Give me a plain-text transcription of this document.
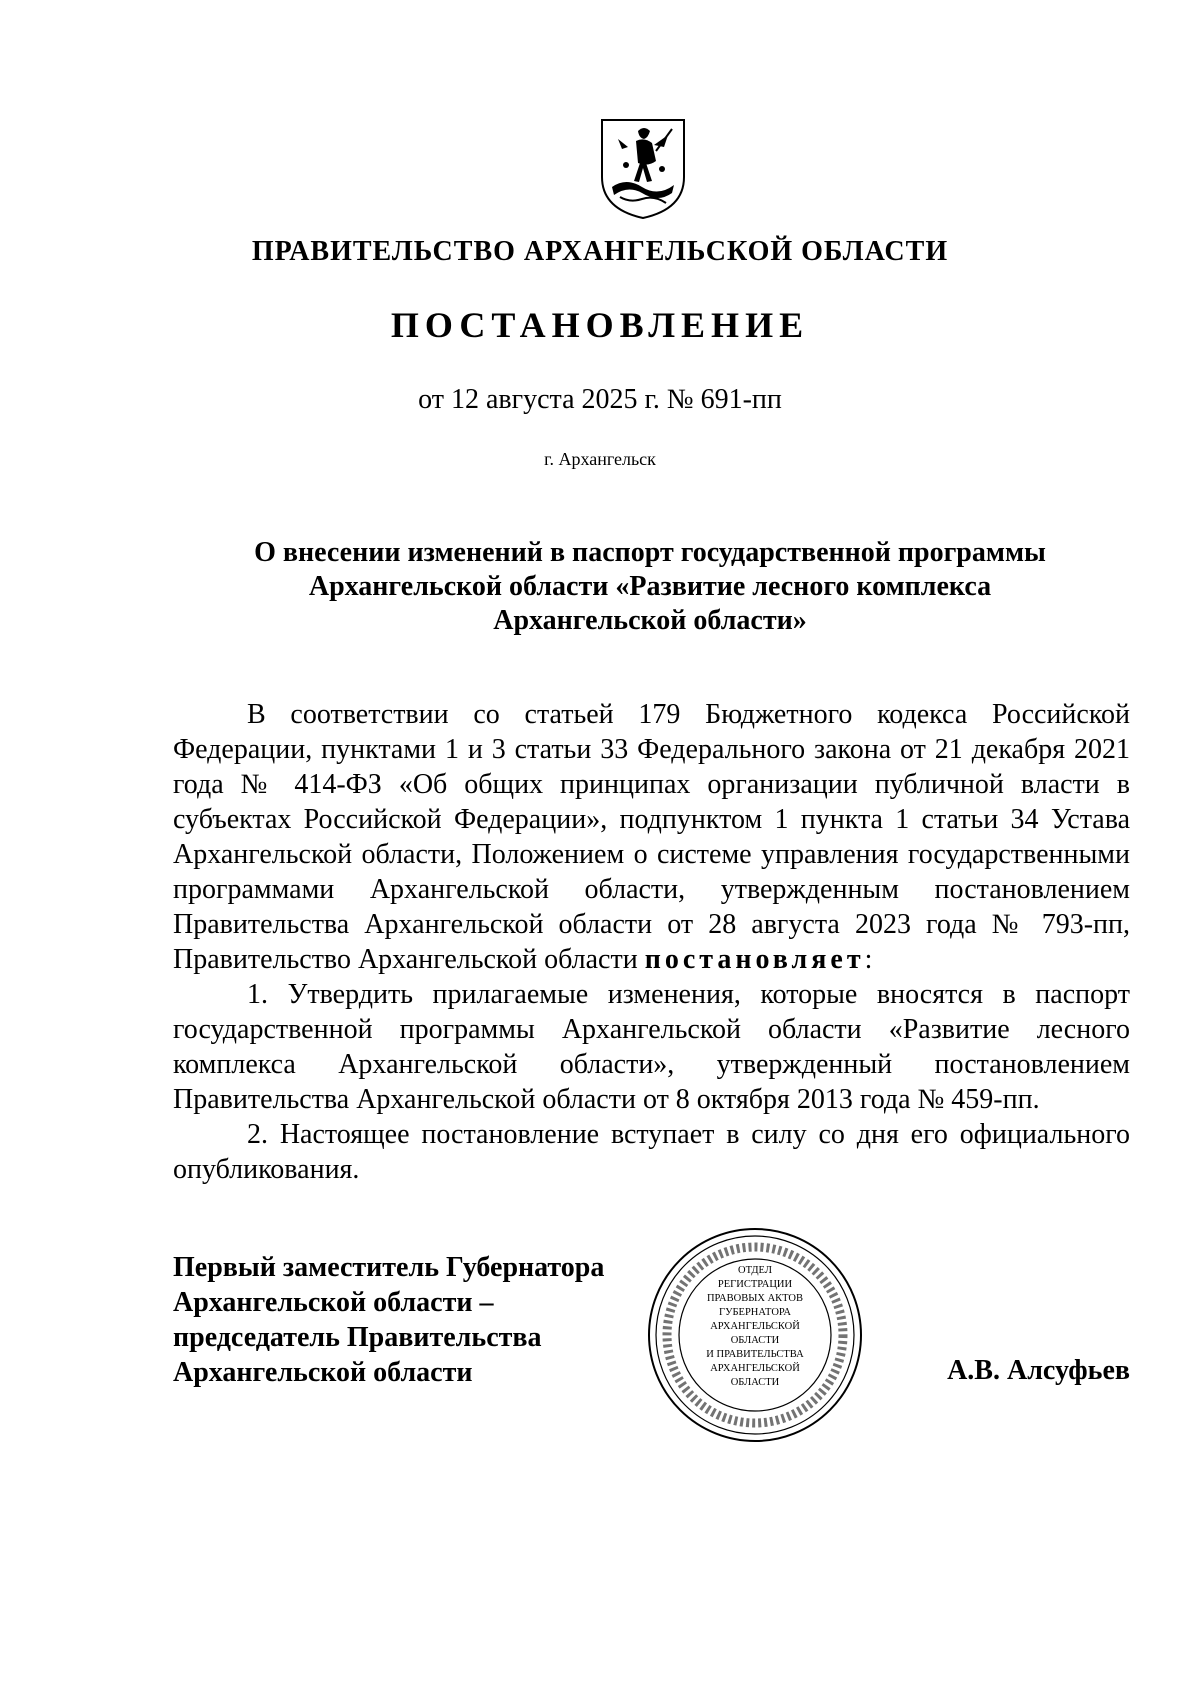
ПРАВИТЕЛЬСТВО АРХАНГЕЛЬСКОЙ ОБЛАСТИ
ПОСТАНОВЛЕНИЕ
от 12 августа 2025 г. № 691-пп
г. Архангельск
О внесении изменений в паспорт государственной программы
Архангельской области «Развитие лесного комплекса
Архангельской области»

В соответствии со статьей 179 Бюджетного кодекса Российской Федерации, пунктами 1 и 3 статьи 33 Федерального закона от 21 декабря 2021 года № 414-ФЗ «Об общих принципах организации публичной власти в субъектах Российской Федерации», подпунктом 1 пункта 1 статьи 34 Устава Архангельской области, Положением о системе управления государственными программами Архангельской области, утвержденным постановлением Правительства Архангельской области от 28 августа 2023 года № 793-пп, Правительство Архангельской области постановляет:

1. Утвердить прилагаемые изменения, которые вносятся в паспорт государственной программы Архангельской области «Развитие лесного комплекса Архангельской области», утвержденный постановлением Правительства Архангельской области от 8 октября 2013 года № 459-пп.

2. Настоящее постановление вступает в силу со дня его официального опубликования.

Первый заместитель Губернатора
Архангельской области –
председатель Правительства
Архангельской области
ОТДЕЛ
РЕГИСТРАЦИИ
ПРАВОВЫХ АКТОВ
ГУБЕРНАТОРА
АРХАНГЕЛЬСКОЙ
ОБЛАСТИ
И ПРАВИТЕЛЬСТВА
АРХАНГЕЛЬСКОЙ
ОБЛАСТИ	А.В. Алсуфьев
